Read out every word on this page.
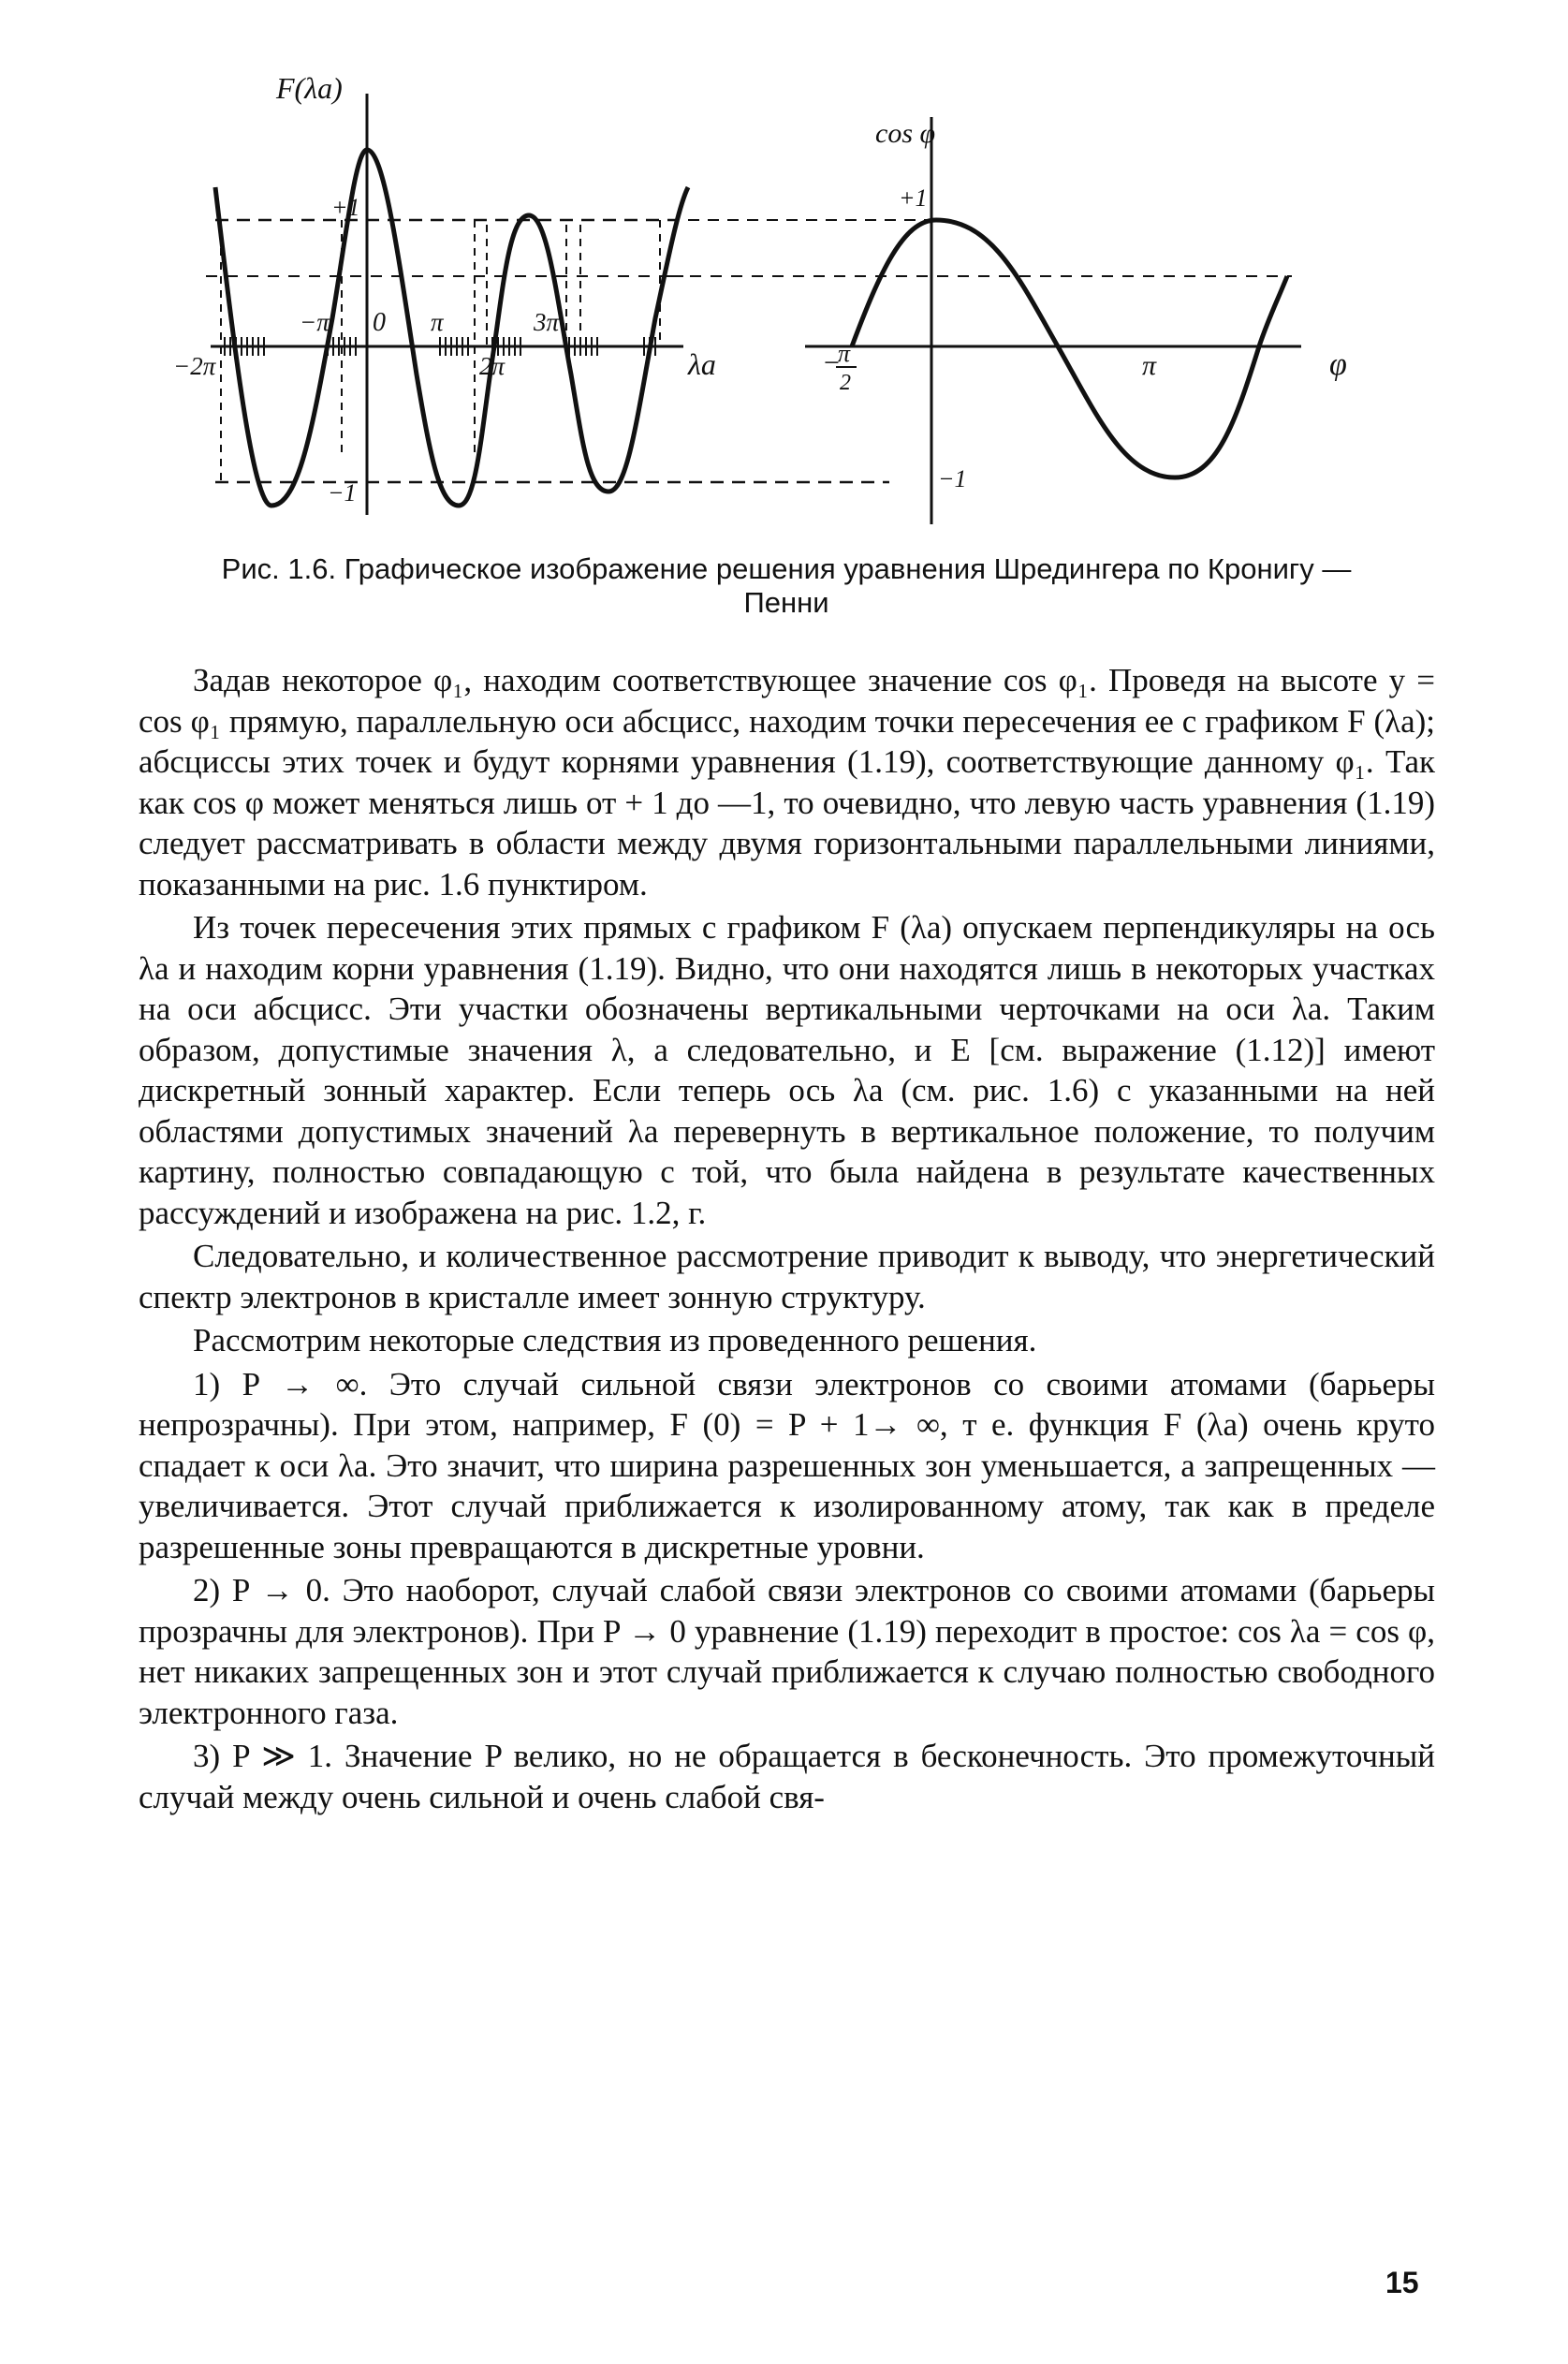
F(λa)
+1
−1
0
−2π
−π	π
2π
3π
λa
cos φ
+1
−1
−
π
2
π	φ
Рис. 1.6. Графическое изображение решения уравнения Шредингера по Кронигу —
Пенни

Задав некоторое φ₁, находим соответствующее значение cos φ₁. Проведя на высоте y = cos φ₁ прямую, параллельную оси абсцисс, находим точки пересечения ее с графиком F (λa); абсциссы этих точек и будут корнями уравнения (1.19), соответствующие данному φ₁. Так как cos φ может меняться лишь от + 1 до —1, то очевидно, что левую часть уравнения (1.19) следует рассматривать в области между двумя горизонтальными параллельными линиями, показанными на рис. 1.6 пунктиром.

Из точек пересечения этих прямых с графиком F (λa) опускаем перпендикуляры на ось λa и находим корни уравнения (1.19). Видно, что они находятся лишь в некоторых участках на оси абсцисс. Эти участки обозначены вертикальными черточками на оси λa. Таким образом, допустимые значения λ, а следовательно, и E [см. выражение (1.12)] имеют дискретный зонный характер. Если теперь ось λa (см. рис. 1.6) с указанными на ней областями допустимых значений λa перевернуть в вертикальное положение, то получим картину, полностью совпадающую с той, что была найдена в результате качественных рассуждений и изображена на рис. 1.2, г.

Следовательно, и количественное рассмотрение приводит к выводу, что энергетический спектр электронов в кристалле имеет зонную структуру.

Рассмотрим некоторые следствия из проведенного решения.

1) P → ∞. Это случай сильной связи электронов со своими атомами (барьеры непрозрачны). При этом, например, F (0) = P + 1→ ∞, т е. функция F (λa) очень круто спадает к оси λa. Это значит, что ширина разрешенных зон уменьшается, а запрещенных — увеличивается. Этот случай приближается к изолированному атому, так как в пределе разрешенные зоны превращаются в дискретные уровни.

2) P → 0. Это наоборот, случай слабой связи электронов со своими атомами (барьеры прозрачны для электронов). При P → 0 уравнение (1.19) переходит в простое: cos λa = cos φ, нет никаких запрещенных зон и этот случай приближается к случаю полностью свободного электронного газа.

3) P ≫ 1. Значение P велико, но не обращается в бесконечность. Это промежуточный случай между очень сильной и очень слабой свя-

15
